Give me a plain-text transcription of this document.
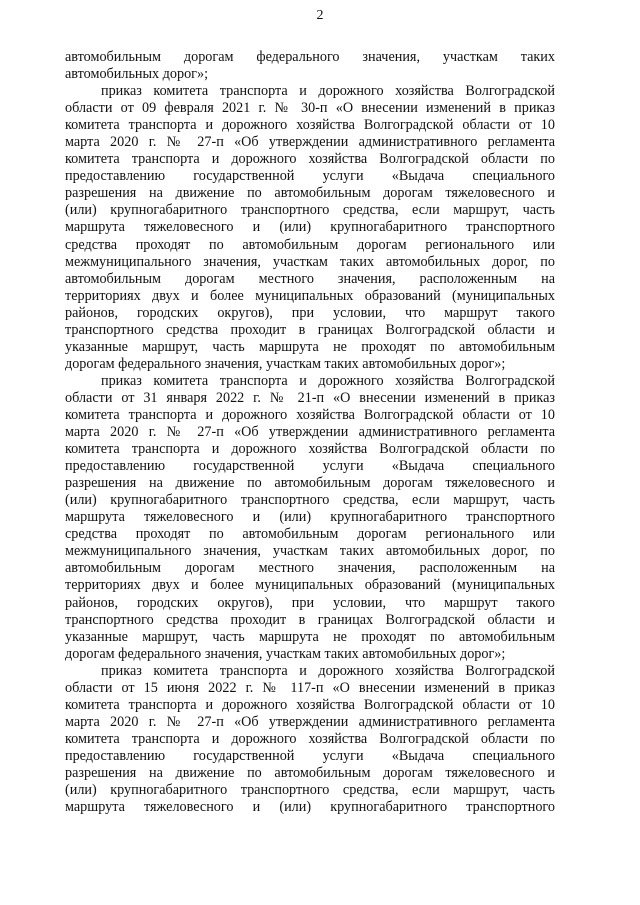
2
автомобильным дорогам федерального значения, участкам таких
автомобильных дорог»;
приказ комитета транспорта и дорожного хозяйства Волгоградской
области от 09 февраля 2021 г. № 30-п «О внесении изменений в приказ
комитета транспорта и дорожного хозяйства Волгоградской области от 10
марта 2020 г. № 27-п «Об утверждении административного регламента
комитета транспорта и дорожного хозяйства Волгоградской области по
предоставлению государственной услуги «Выдача специального
разрешения на движение по автомобильным дорогам тяжеловесного и
(или) крупногабаритного транспортного средства, если маршрут, часть
маршрута тяжеловесного и (или) крупногабаритного транспортного
средства проходят по автомобильным дорогам регионального или
межмуниципального значения, участкам таких автомобильных дорог, по
автомобильным дорогам местного значения, расположенным на
территориях двух и более муниципальных образований (муниципальных
районов, городских округов), при условии, что маршрут такого
транспортного средства проходит в границах Волгоградской области и
указанные маршрут, часть маршрута не проходят по автомобильным
дорогам федерального значения, участкам таких автомобильных дорог»;
приказ комитета транспорта и дорожного хозяйства Волгоградской
области от 31 января 2022 г. № 21-п «О внесении изменений в приказ
комитета транспорта и дорожного хозяйства Волгоградской области от 10
марта 2020 г. № 27-п «Об утверждении административного регламента
комитета транспорта и дорожного хозяйства Волгоградской области по
предоставлению государственной услуги «Выдача специального
разрешения на движение по автомобильным дорогам тяжеловесного и
(или) крупногабаритного транспортного средства, если маршрут, часть
маршрута тяжеловесного и (или) крупногабаритного транспортного
средства проходят по автомобильным дорогам регионального или
межмуниципального значения, участкам таких автомобильных дорог, по
автомобильным дорогам местного значения, расположенным на
территориях двух и более муниципальных образований (муниципальных
районов, городских округов), при условии, что маршрут такого
транспортного средства проходит в границах Волгоградской области и
указанные маршрут, часть маршрута не проходят по автомобильным
дорогам федерального значения, участкам таких автомобильных дорог»;
приказ комитета транспорта и дорожного хозяйства Волгоградской
области от 15 июня 2022 г. № 117-п «О внесении изменений в приказ
комитета транспорта и дорожного хозяйства Волгоградской области от 10
марта 2020 г. № 27-п «Об утверждении административного регламента
комитета транспорта и дорожного хозяйства Волгоградской области по
предоставлению государственной услуги «Выдача специального
разрешения на движение по автомобильным дорогам тяжеловесного и
(или) крупногабаритного транспортного средства, если маршрут, часть
маршрута тяжеловесного и (или) крупногабаритного транспортного
